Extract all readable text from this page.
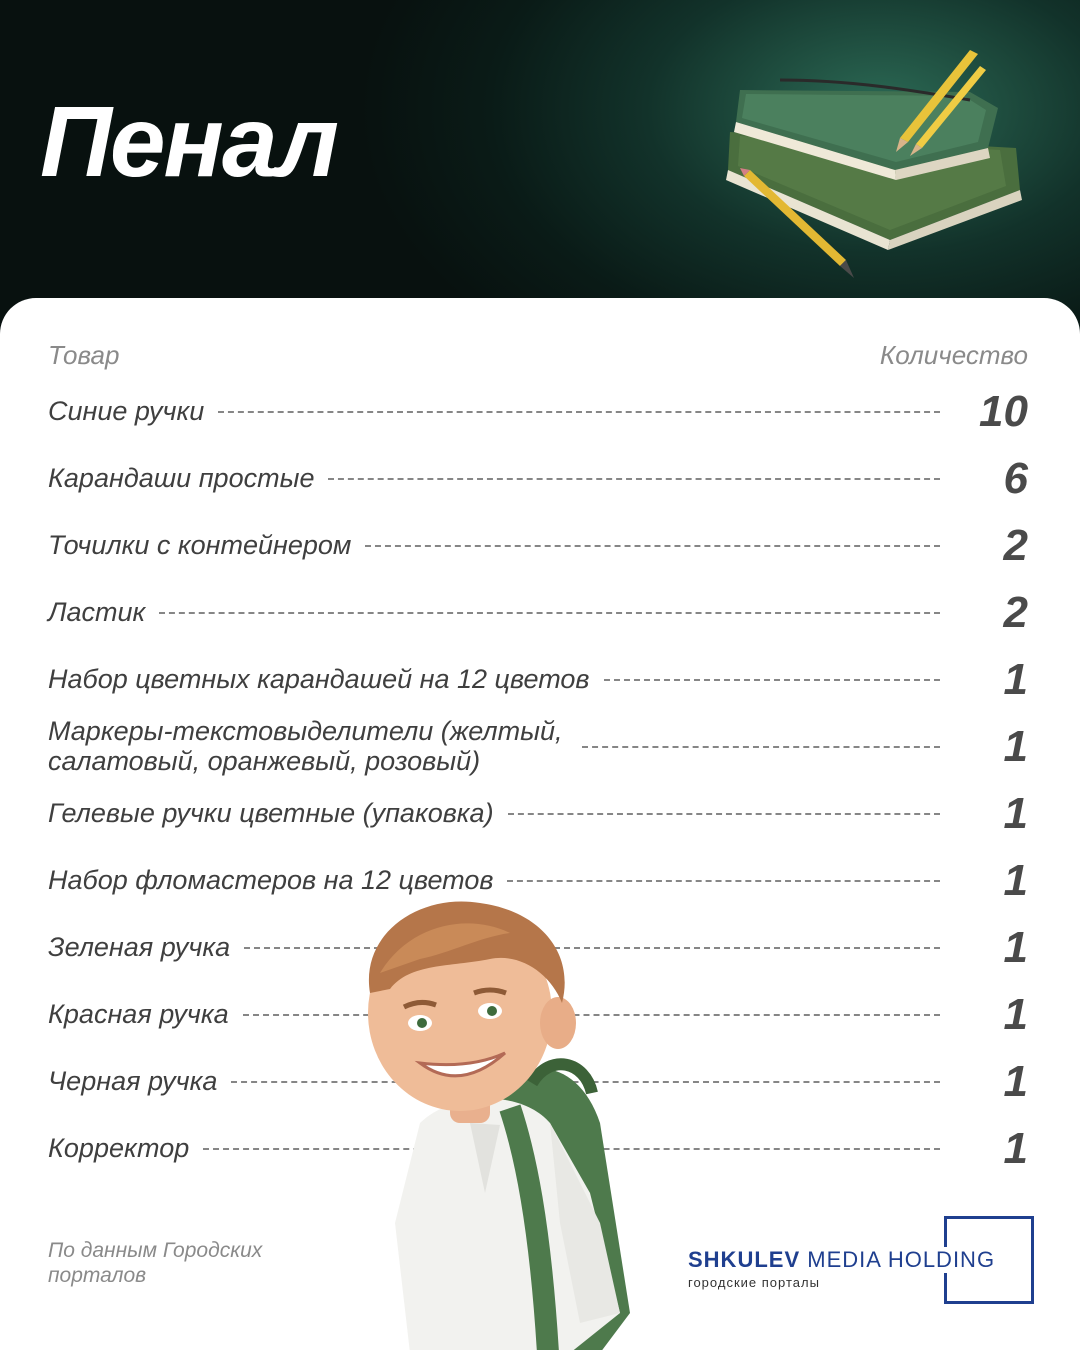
Пенал
Товар	Количество
Синие ручки	10
Карандаши простые	6
Точилки с контейнером	2
Ластик	2
Набор цветных карандашей на 12 цветов	1
Маркеры-текстовыделители (желтый, салатовый, оранжевый, розовый)	1
Гелевые ручки цветные (упаковка)	1
Набор фломастеров на 12 цветов	1
Зеленая ручка	1
Красная ручка	1
Черная ручка	1
Корректор	1
По данным Городских порталов
SHKULEV MEDIA HOLDING
городские порталы
